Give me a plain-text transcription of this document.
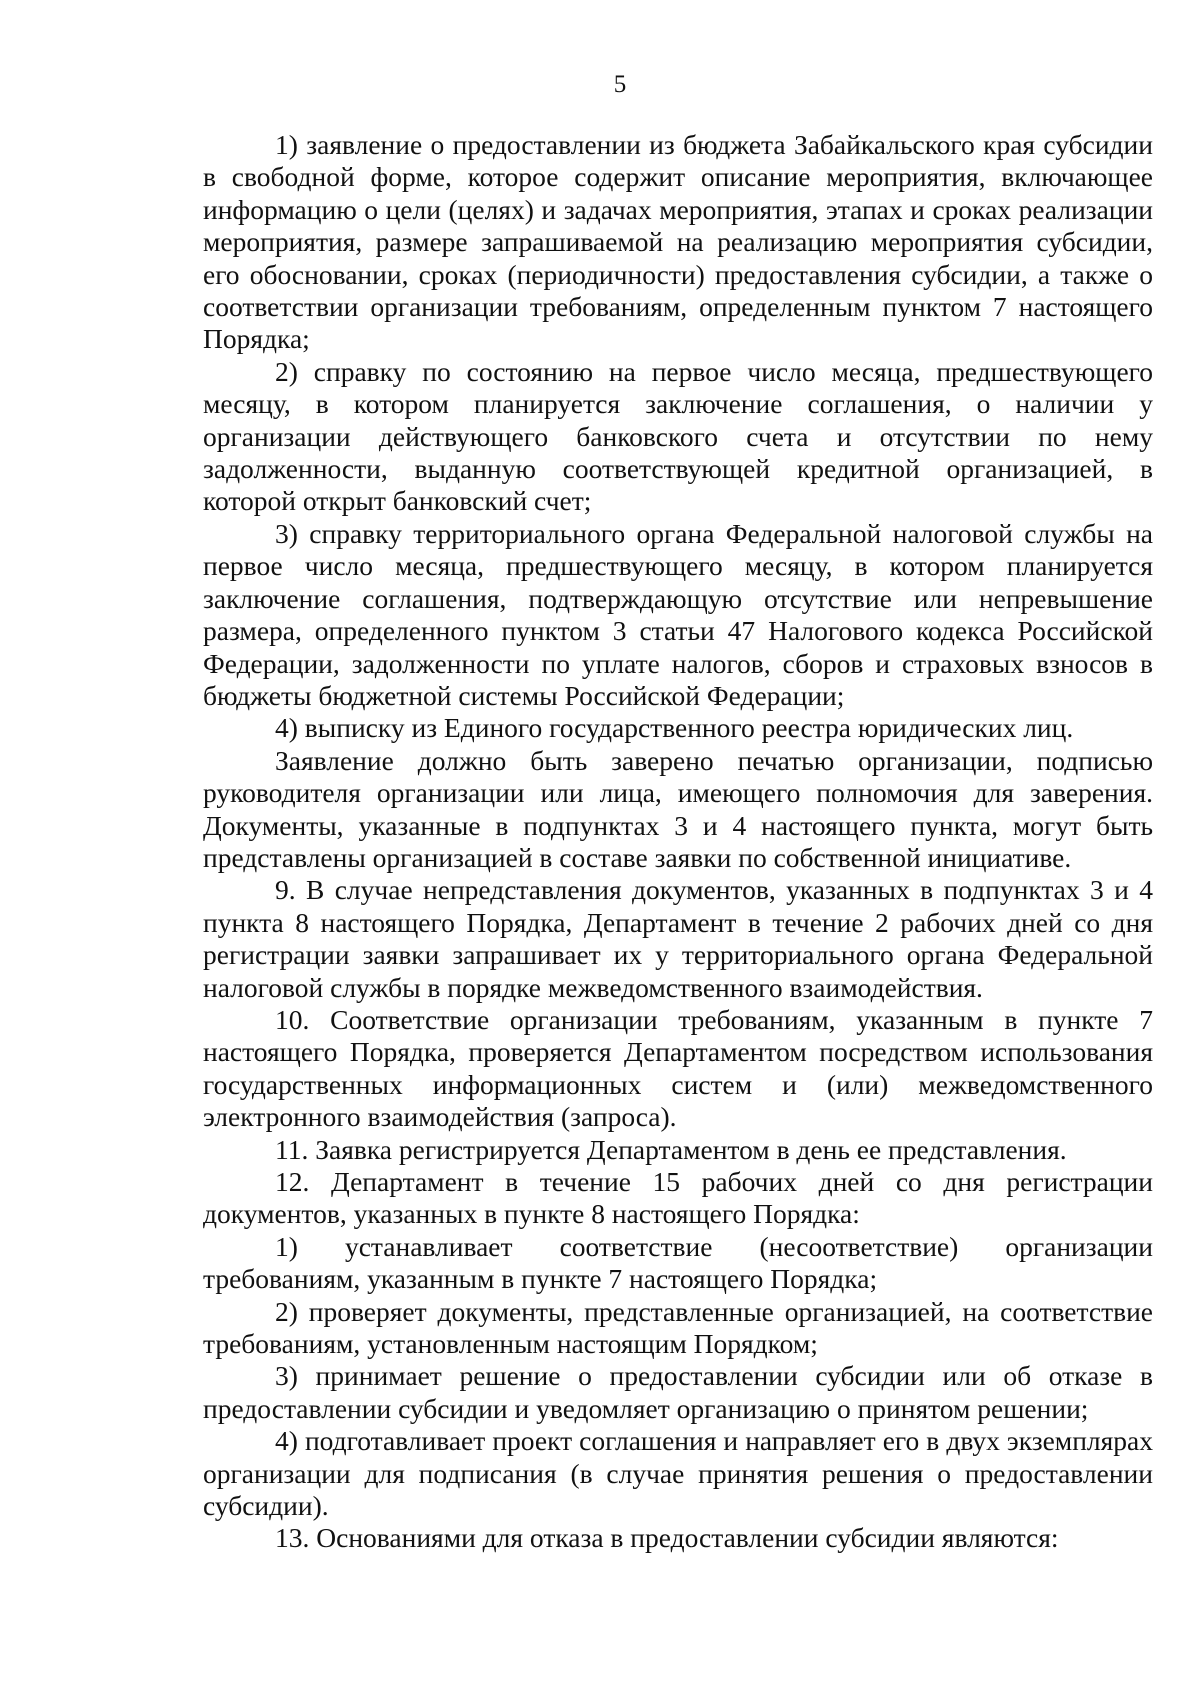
5

1) заявление о предоставлении из бюджета Забайкальского края субсидии в свободной форме, которое содержит описание мероприятия, включающее информацию о цели (целях) и задачах мероприятия, этапах и сроках реализации мероприятия, размере запрашиваемой на реализацию мероприятия субсидии, его обосновании, сроках (периодичности) предоставления субсидии, а также о соответствии организации требованиям, определенным пунктом 7 настоящего Порядка;

2) справку по состоянию на первое число месяца, предшествующего месяцу, в котором планируется заключение соглашения, о наличии у организации действующего банковского счета и отсутствии по нему задолженности, выданную соответствующей кредитной организацией, в которой открыт банковский счет;

3) справку территориального органа Федеральной налоговой службы на первое число месяца, предшествующего месяцу, в котором планируется заключение соглашения, подтверждающую отсутствие или непревышение размера, определенного пунктом 3 статьи 47 Налогового кодекса Российской Федерации, задолженности по уплате налогов, сборов и страховых взносов в бюджеты бюджетной системы Российской Федерации;

4) выписку из Единого государственного реестра юридических лиц.

Заявление должно быть заверено печатью организации, подписью руководителя организации или лица, имеющего полномочия для заверения. Документы, указанные в подпунктах 3 и 4 настоящего пункта, могут быть представлены организацией в составе заявки по собственной инициативе.

9. В случае непредставления документов, указанных в подпунктах 3 и 4 пункта 8 настоящего Порядка, Департамент в течение 2 рабочих дней со дня регистрации заявки запрашивает их у территориального органа Федеральной налоговой службы в порядке межведомственного взаимодействия.

10. Соответствие организации требованиям, указанным в пункте 7 настоящего Порядка, проверяется Департаментом посредством использования государственных информационных систем и (или) межведомственного электронного взаимодействия (запроса).

11. Заявка регистрируется Департаментом в день ее представления.

12. Департамент в течение 15 рабочих дней со дня регистрации документов, указанных в пункте 8 настоящего Порядка:

1) устанавливает соответствие (несоответствие) организации требованиям, указанным в пункте 7 настоящего Порядка;

2) проверяет документы, представленные организацией, на соответствие требованиям, установленным настоящим Порядком;

3) принимает решение о предоставлении субсидии или об отказе в предоставлении субсидии и уведомляет организацию о принятом решении;

4) подготавливает проект соглашения и направляет его в двух экземплярах организации для подписания (в случае принятия решения о предоставлении субсидии).

13. Основаниями для отказа в предоставлении субсидии являются:
